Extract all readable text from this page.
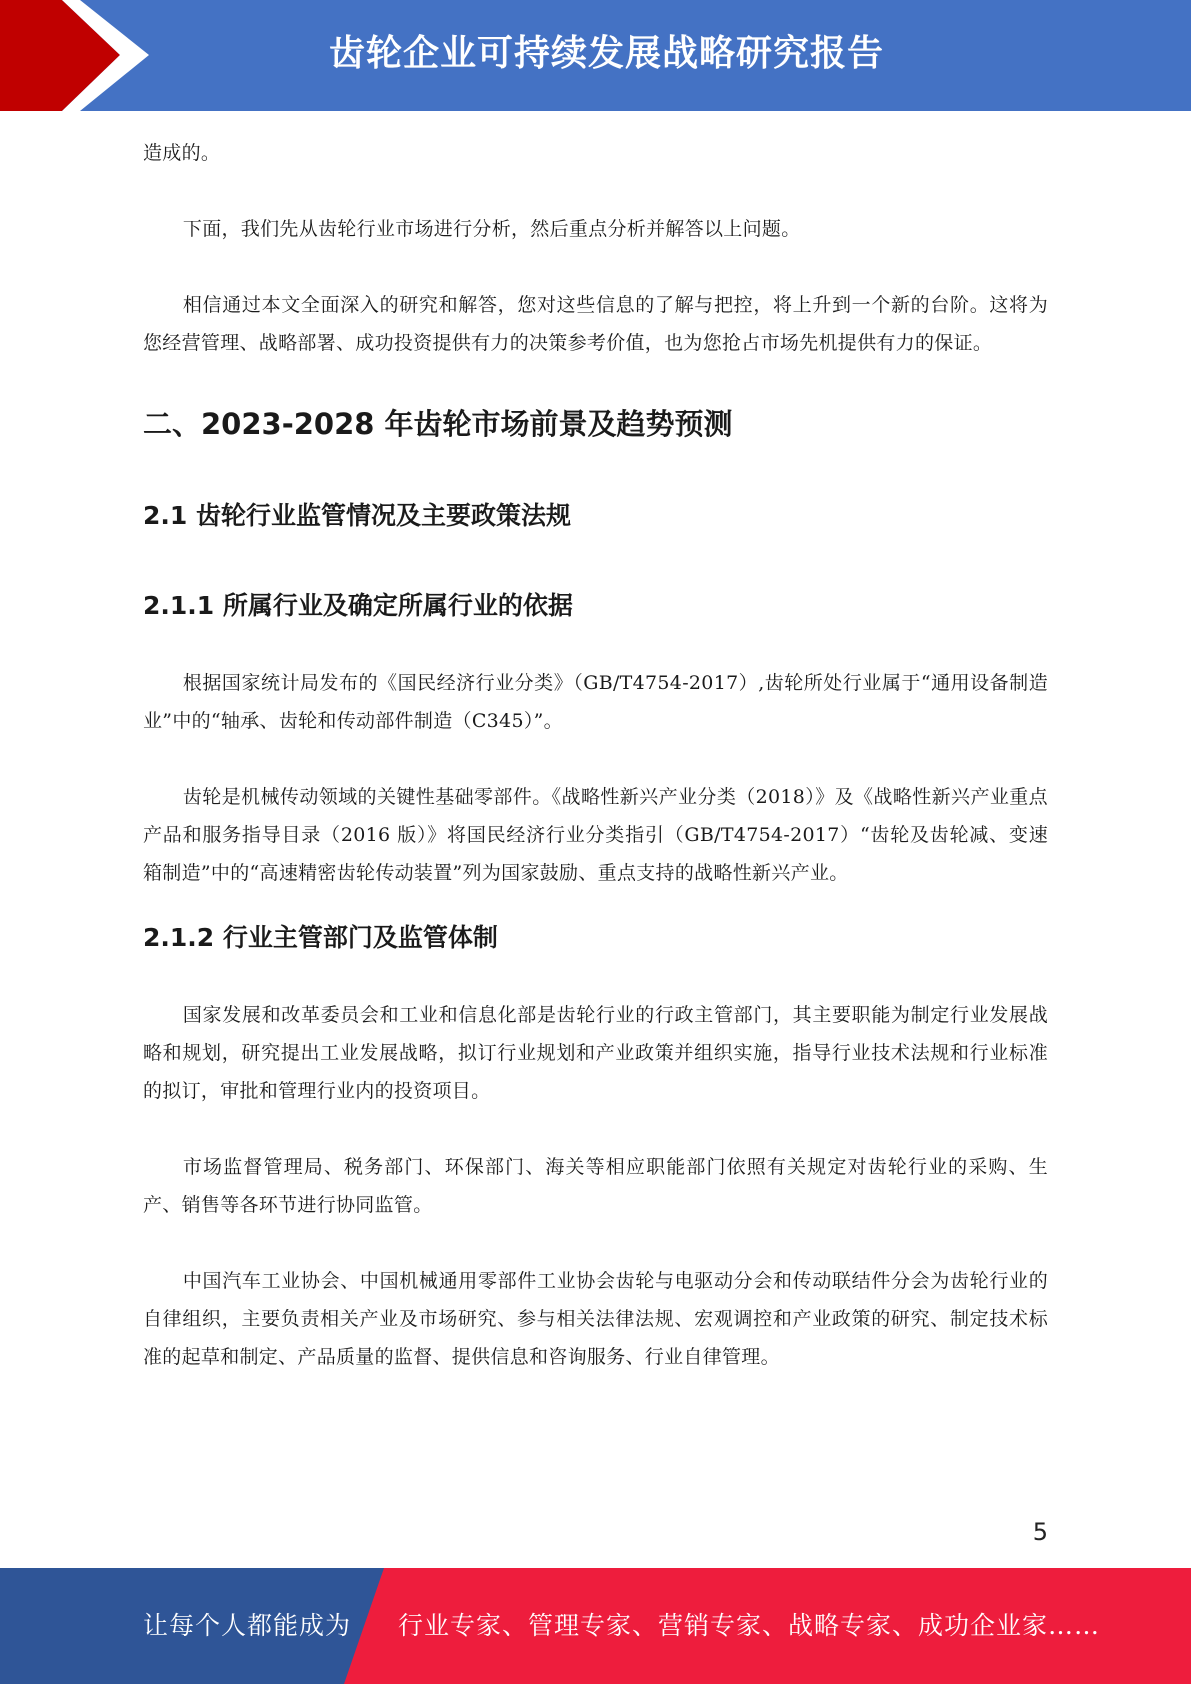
齿轮企业可持续发展战略研究报告

造成的。

下面，我们先从齿轮行业市场进行分析，然后重点分析并解答以上问题。

相信通过本文全面深入的研究和解答，您对这些信息的了解与把控，将上升到一个新的台阶。这将为您经营管理、战略部署、成功投资提供有力的决策参考价值，也为您抢占市场先机提供有力的保证。

二、2023-2028 年齿轮市场前景及趋势预测
2.1 齿轮行业监管情况及主要政策法规
2.1.1 所属行业及确定所属行业的依据

根据国家统计局发布的《国民经济行业分类》（GB/T4754-2017）,齿轮所处行业属于“通用设备制造业”中的“轴承、齿轮和传动部件制造（C345）”。

齿轮是机械传动领域的关键性基础零部件。《战略性新兴产业分类（2018）》及《战略性新兴产业重点产品和服务指导目录（2016 版）》将国民经济行业分类指引（GB/T4754-2017）“齿轮及齿轮减、变速箱制造”中的“高速精密齿轮传动装置”列为国家鼓励、重点支持的战略性新兴产业。

2.1.2 行业主管部门及监管体制

国家发展和改革委员会和工业和信息化部是齿轮行业的行政主管部门，其主要职能为制定行业发展战略和规划，研究提出工业发展战略，拟订行业规划和产业政策并组织实施，指导行业技术法规和行业标准的拟订，审批和管理行业内的投资项目。

市场监督管理局、税务部门、环保部门、海关等相应职能部门依照有关规定对齿轮行业的采购、生产、销售等各环节进行协同监管。

中国汽车工业协会、中国机械通用零部件工业协会齿轮与电驱动分会和传动联结件分会为齿轮行业的自律组织，主要负责相关产业及市场研究、参与相关法律法规、宏观调控和产业政策的研究、制定技术标准的起草和制定、产品质量的监督、提供信息和咨询服务、行业自律管理。

5
让每个人都能成为 行业专家、管理专家、营销专家、战略专家、成功企业家……
